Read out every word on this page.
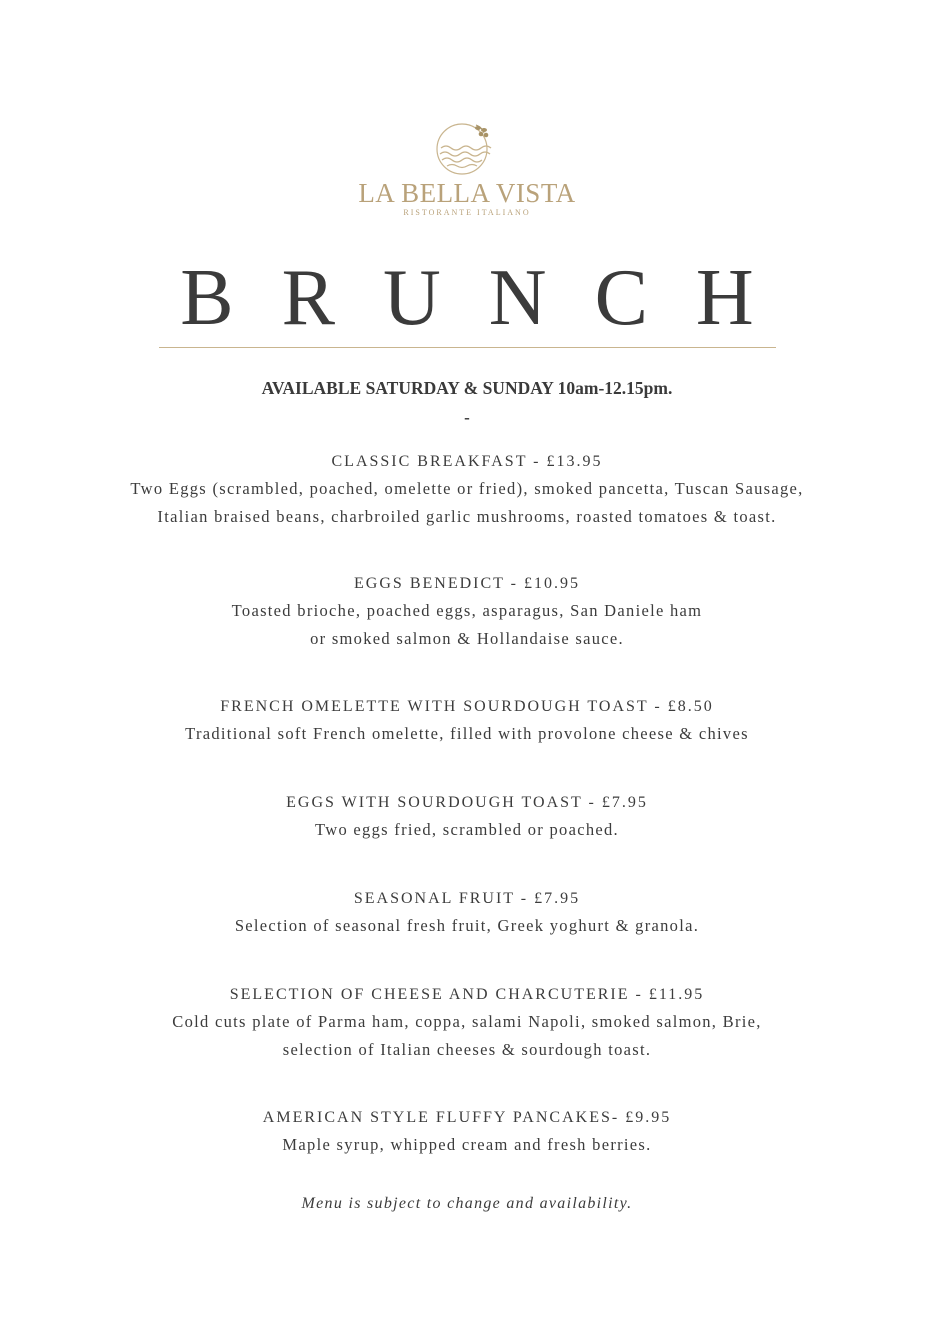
LA BELLA VISTA
RISTORANTE ITALIANO
BRUNCH
AVAILABLE SATURDAY & SUNDAY 10am-12.15pm.
-
CLASSIC BREAKFAST - £13.95
Two Eggs (scrambled, poached, omelette or fried), smoked pancetta, Tuscan Sausage,
Italian braised beans, charbroiled garlic mushrooms, roasted tomatoes & toast.
EGGS BENEDICT - £10.95
Toasted brioche, poached eggs, asparagus, San Daniele ham
or smoked salmon & Hollandaise sauce.
FRENCH OMELETTE WITH SOURDOUGH TOAST - £8.50
Traditional soft French omelette, filled with provolone cheese & chives
EGGS WITH SOURDOUGH TOAST - £7.95
Two eggs fried, scrambled or poached.
SEASONAL FRUIT - £7.95
Selection of seasonal fresh fruit, Greek yoghurt & granola.
SELECTION OF CHEESE AND CHARCUTERIE - £11.95
Cold cuts plate of Parma ham, coppa, salami Napoli, smoked salmon, Brie,
selection of Italian cheeses & sourdough toast.
AMERICAN STYLE FLUFFY PANCAKES- £9.95
Maple syrup, whipped cream and fresh berries.
Menu is subject to change and availability.
